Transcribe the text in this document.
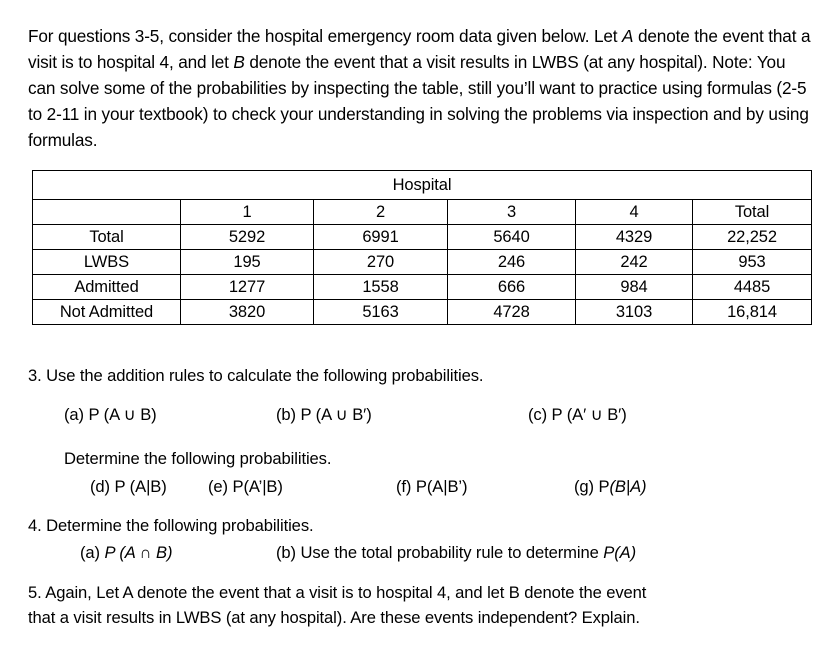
For questions 3-5, consider the hospital emergency room data given below. Let A denote the event that a visit is to hospital 4, and let B denote the event that a visit results in LWBS (at any hospital). Note: You can solve some of the probabilities by inspecting the table, still you’ll want to practice using formulas (2-5 to 2-11 in your textbook) to check your understanding in solving the problems via inspection and by using formulas.

Hospital					
	1	2	3	4	Total
Total	5292	6991	5640	4329	22,252
LWBS	195	270	246	242	953
Admitted	1277	1558	666	984	4485
Not Admitted	3820	5163	4728	3103	16,814
3. Use the addition rules to calculate the following probabilities.
(a) P (A ∪ B)	(b) P (A ∪ B′)	(c) P (A′ ∪ B′)
Determine the following probabilities.
(d) P (A|B) (e) P(A’|B)	(f) P(A|B’)	(g) P(B|A)
4. Determine the following probabilities.
(a) P (A ∩ B)	(b) Use the total probability rule to determine P(A)
5. Again, Let A denote the event that a visit is to hospital 4, and let B denote the event
that a visit results in LWBS (at any hospital). Are these events independent? Explain.
